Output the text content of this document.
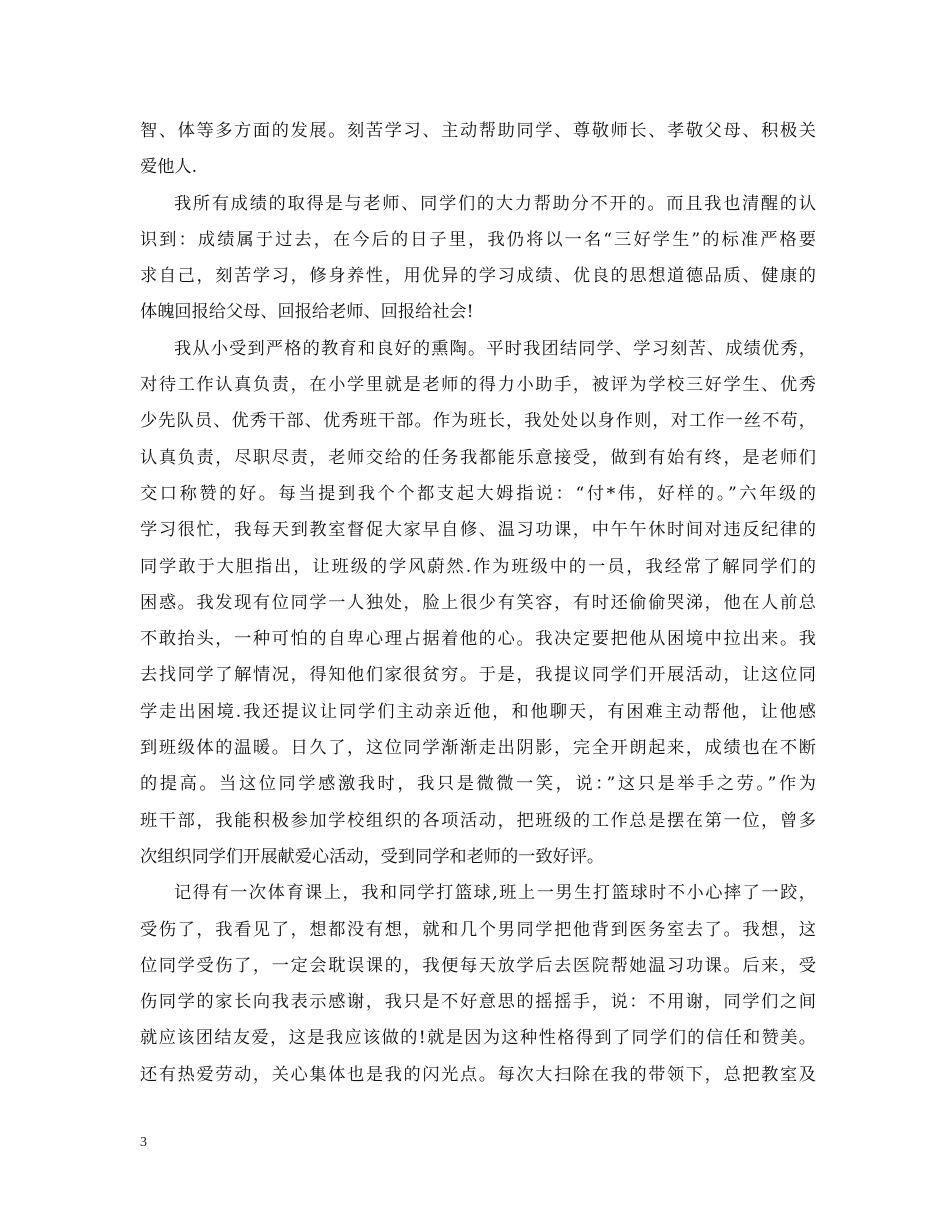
智、体等多方面的发展。刻苦学习、主动帮助同学、尊敬师长、孝敬父母、积极关
爱他人.
我所有成绩的取得是与老师、同学们的大力帮助分不开的。而且我也清醒的认
识到：成绩属于过去，在今后的日子里，我仍将以一名“三好学生”的标准严格要
求自己，刻苦学习，修身养性，用优异的学习成绩、优良的思想道德品质、健康的
体魄回报给父母、回报给老师、回报给社会!
我从小受到严格的教育和良好的熏陶。平时我团结同学、学习刻苦、成绩优秀，
对待工作认真负责，在小学里就是老师的得力小助手，被评为学校三好学生、优秀
少先队员、优秀干部、优秀班干部。作为班长，我处处以身作则，对工作一丝不苟，
认真负责，尽职尽责，老师交给的任务我都能乐意接受，做到有始有终，是老师们
交口称赞的好。每当提到我个个都支起大姆指说：“付*伟，好样的。”六年级的
学习很忙，我每天到教室督促大家早自修、温习功课，中午午休时间对违反纪律的
同学敢于大胆指出，让班级的学风蔚然.作为班级中的一员，我经常了解同学们的
困惑。我发现有位同学一人独处，脸上很少有笑容，有时还偷偷哭涕，他在人前总
不敢抬头，一种可怕的自卑心理占据着他的心。我决定要把他从困境中拉出来。我
去找同学了解情况，得知他们家很贫穷。于是，我提议同学们开展活动，让这位同
学走出困境.我还提议让同学们主动亲近他，和他聊天，有困难主动帮他，让他感
到班级体的温暖。日久了，这位同学渐渐走出阴影，完全开朗起来，成绩也在不断
的提高。当这位同学感激我时，我只是微微一笑，说：”这只是举手之劳。”作为
班干部，我能积极参加学校组织的各项活动，把班级的工作总是摆在第一位，曾多
次组织同学们开展献爱心活动，受到同学和老师的一致好评。
记得有一次体育课上，我和同学打篮球,班上一男生打篮球时不小心摔了一跤，
受伤了，我看见了，想都没有想，就和几个男同学把他背到医务室去了。我想，这
位同学受伤了，一定会耽误课的，我便每天放学后去医院帮她温习功课。后来，受
伤同学的家长向我表示感谢，我只是不好意思的摇摇手，说：不用谢，同学们之间
就应该团结友爱，这是我应该做的!就是因为这种性格得到了同学们的信任和赞美。
还有热爱劳动，关心集体也是我的闪光点。每次大扫除在我的带领下，总把教室及
3
